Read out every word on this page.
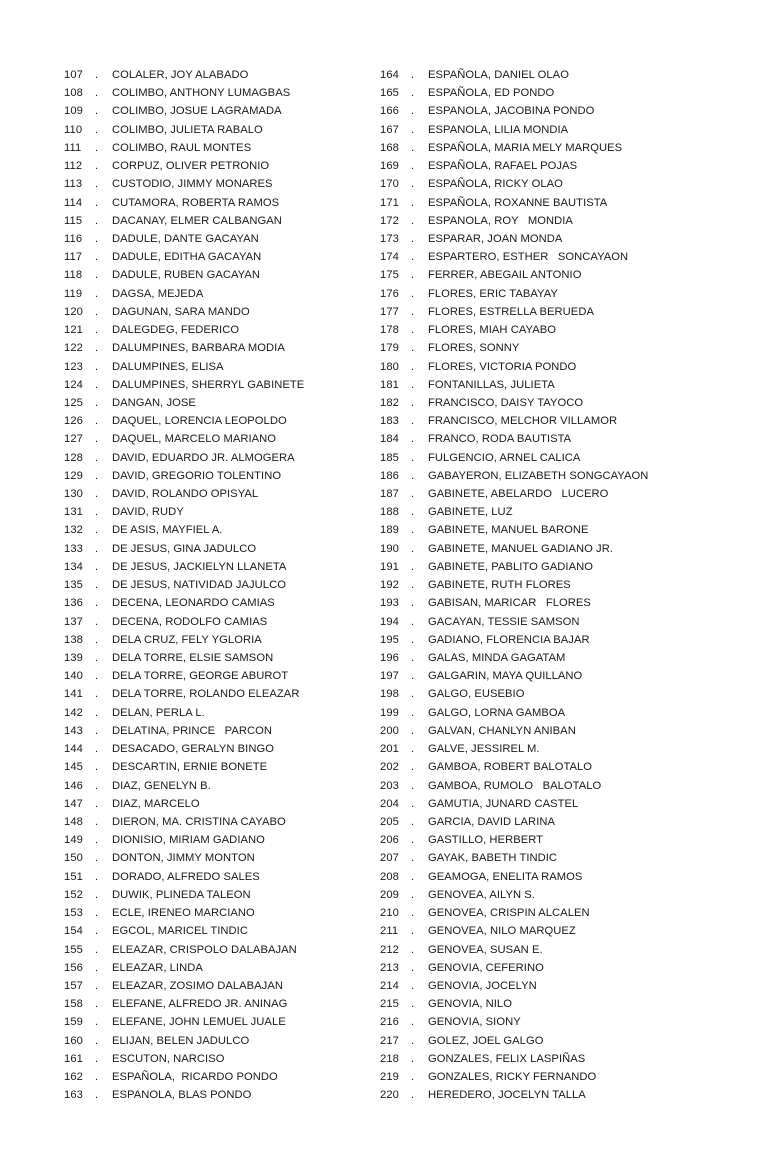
107	.	COLALER, JOY ALABADO
108	.	COLIMBO, ANTHONY LUMAGBAS
109	.	COLIMBO, JOSUE LAGRAMADA
110	.	COLIMBO, JULIETA RABALO
111	.	COLIMBO, RAUL MONTES
112	.	CORPUZ, OLIVER PETRONIO
113	.	CUSTODIO, JIMMY MONARES
114	.	CUTAMORA, ROBERTA RAMOS
115	.	DACANAY, ELMER CALBANGAN
116	.	DADULE, DANTE GACAYAN
117	.	DADULE, EDITHA GACAYAN
118	.	DADULE, RUBEN GACAYAN
119	.	DAGSA, MEJEDA
120	.	DAGUNAN, SARA MANDO
121	.	DALEGDEG, FEDERICO
122	.	DALUMPINES, BARBARA MODIA
123	.	DALUMPINES, ELISA
124	.	DALUMPINES, SHERRYL GABINETE
125	.	DANGAN, JOSE
126	.	DAQUEL, LORENCIA LEOPOLDO
127	.	DAQUEL, MARCELO MARIANO
128	.	DAVID, EDUARDO JR. ALMOGERA
129	.	DAVID, GREGORIO TOLENTINO
130	.	DAVID, ROLANDO OPISYAL
131	.	DAVID, RUDY
132	.	DE ASIS, MAYFIEL A.
133	.	DE JESUS, GINA JADULCO
134	.	DE JESUS, JACKIELYN LLANETA
135	.	DE JESUS, NATIVIDAD JAJULCO
136	.	DECENA, LEONARDO CAMIAS
137	.	DECENA, RODOLFO CAMIAS
138	.	DELA CRUZ, FELY YGLORIA
139	.	DELA TORRE, ELSIE SAMSON
140	.	DELA TORRE, GEORGE ABUROT
141	.	DELA TORRE, ROLANDO ELEAZAR
142	.	DELAN, PERLA L.
143	.	DELATINA, PRINCE   PARCON
144	.	DESACADO, GERALYN BINGO
145	.	DESCARTIN, ERNIE BONETE
146	.	DIAZ, GENELYN B.
147	.	DIAZ, MARCELO
148	.	DIERON, MA. CRISTINA CAYABO
149	.	DIONISIO, MIRIAM GADIANO
150	.	DONTON, JIMMY MONTON
151	.	DORADO, ALFREDO SALES
152	.	DUWIK, PLINEDA TALEON
153	.	ECLE, IRENEO MARCIANO
154	.	EGCOL, MARICEL TINDIC
155	.	ELEAZAR, CRISPOLO DALABAJAN
156	.	ELEAZAR, LINDA
157	.	ELEAZAR, ZOSIMO DALABAJAN
158	.	ELEFANE, ALFREDO JR. ANINAG
159	.	ELEFANE, JOHN LEMUEL JUALE
160	.	ELIJAN, BELEN JADULCO
161	.	ESCUTON, NARCISO
162	.	ESPAÑOLA,  RICARDO PONDO
163	.	ESPANOLA, BLAS PONDO
164	.	ESPAÑOLA, DANIEL OLAO
165	.	ESPAÑOLA, ED PONDO
166	.	ESPANOLA, JACOBINA PONDO
167	.	ESPANOLA, LILIA MONDIA
168	.	ESPAÑOLA, MARIA MELY MARQUES
169	.	ESPAÑOLA, RAFAEL POJAS
170	.	ESPAÑOLA, RICKY OLAO
171	.	ESPAÑOLA, ROXANNE BAUTISTA
172	.	ESPANOLA, ROY   MONDIA
173	.	ESPARAR, JOAN MONDA
174	.	ESPARTERO, ESTHER   SONCAYAON
175	.	FERRER, ABEGAIL ANTONIO
176	.	FLORES, ERIC TABAYAY
177	.	FLORES, ESTRELLA BERUEDA
178	.	FLORES, MIAH CAYABO
179	.	FLORES, SONNY
180	.	FLORES, VICTORIA PONDO
181	.	FONTANILLAS, JULIETA
182	.	FRANCISCO, DAISY TAYOCO
183	.	FRANCISCO, MELCHOR VILLAMOR
184	.	FRANCO, RODA BAUTISTA
185	.	FULGENCIO, ARNEL CALICA
186	.	GABAYERON, ELIZABETH SONGCAYAON
187	.	GABINETE, ABELARDO   LUCERO
188	.	GABINETE, LUZ
189	.	GABINETE, MANUEL BARONE
190	.	GABINETE, MANUEL GADIANO JR.
191	.	GABINETE, PABLITO GADIANO
192	.	GABINETE, RUTH FLORES
193	.	GABISAN, MARICAR   FLORES
194	.	GACAYAN, TESSIE SAMSON
195	.	GADIANO, FLORENCIA BAJAR
196	.	GALAS, MINDA GAGATAM
197	.	GALGARIN, MAYA QUILLANO
198	.	GALGO, EUSEBIO
199	.	GALGO, LORNA GAMBOA
200	.	GALVAN, CHANLYN ANIBAN
201	.	GALVE, JESSIREL M.
202	.	GAMBOA, ROBERT BALOTALO
203	.	GAMBOA, RUMOLO   BALOTALO
204	.	GAMUTIA, JUNARD CASTEL
205	.	GARCIA, DAVID LARINA
206	.	GASTILLO, HERBERT
207	.	GAYAK, BABETH TINDIC
208	.	GEAMOGA, ENELITA RAMOS
209	.	GENOVEA, AILYN S.
210	.	GENOVEA, CRISPIN ALCALEN
211	.	GENOVEA, NILO MARQUEZ
212	.	GENOVEA, SUSAN E.
213	.	GENOVIA, CEFERINO
214	.	GENOVIA, JOCELYN
215	.	GENOVIA, NILO
216	.	GENOVIA, SIONY
217	.	GOLEZ, JOEL GALGO
218	.	GONZALES, FELIX LASPIÑAS
219	.	GONZALES, RICKY FERNANDO
220	.	HEREDERO, JOCELYN TALLA
